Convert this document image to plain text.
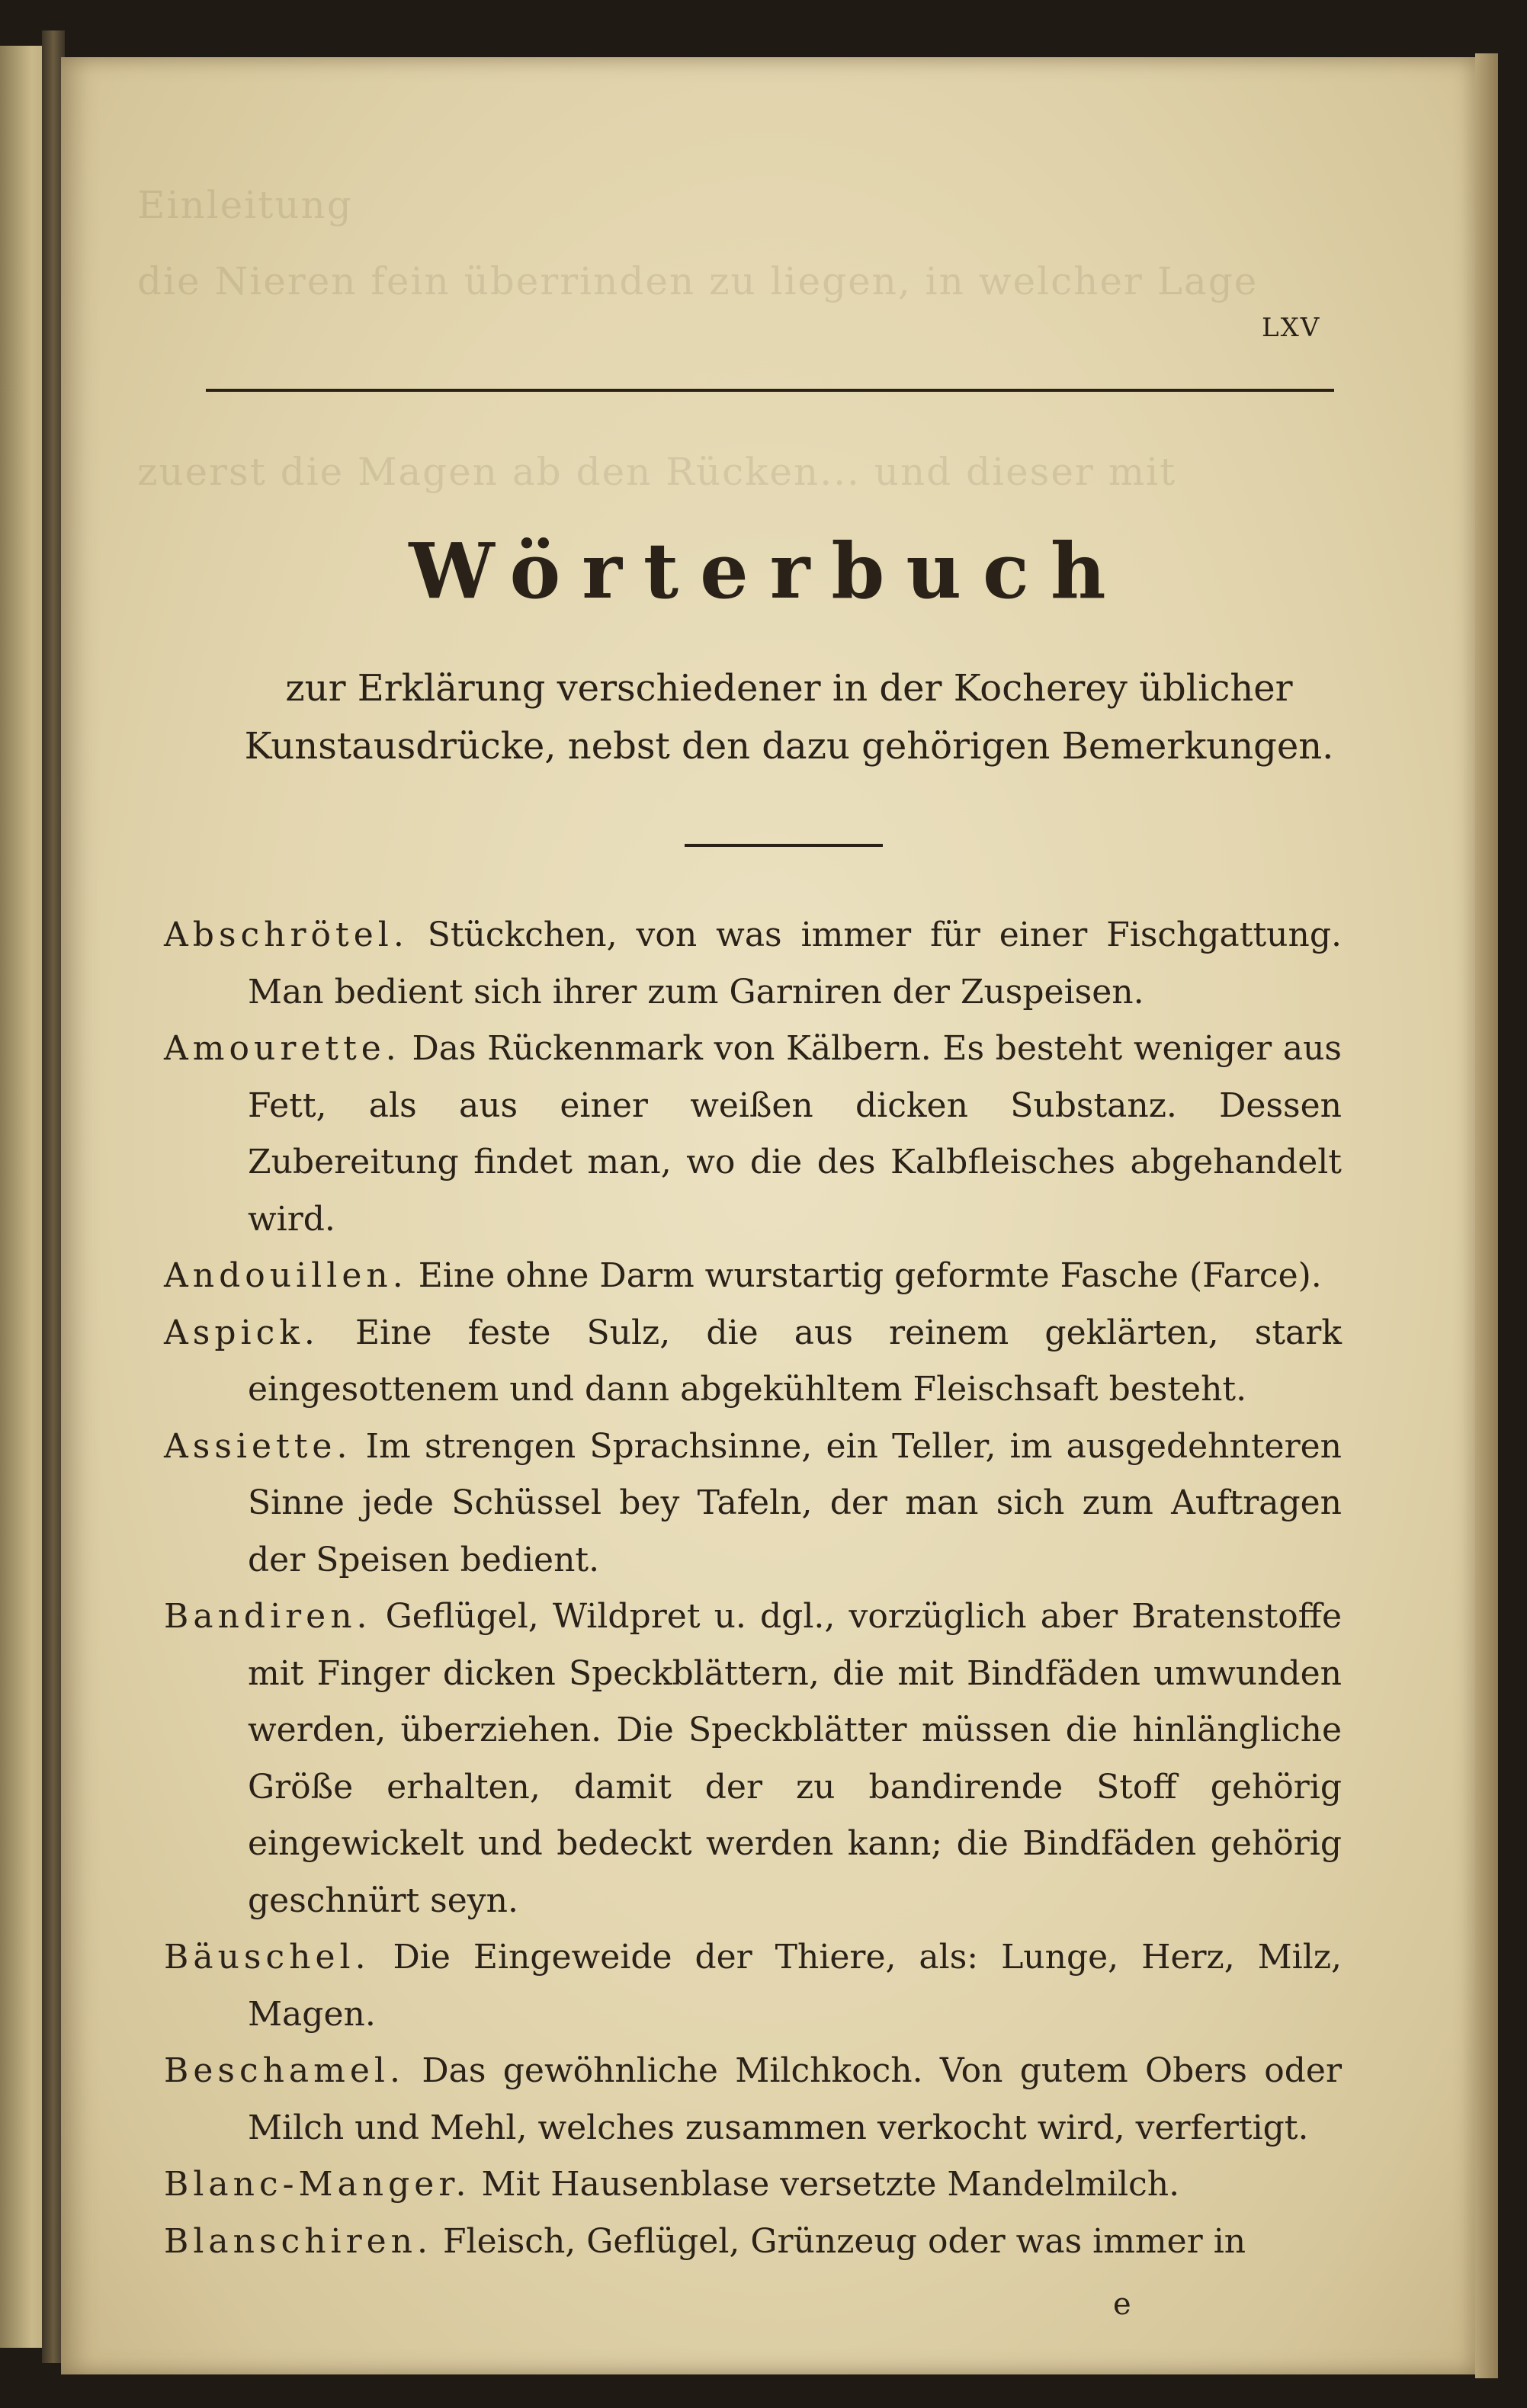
Einleitung
die Nieren fein überrinden zu liegen, in welcher Lage
zuerst die Magen ab den Rücken... und dieser mit
LXV
Wörterbuch
zur Erklärung verschiedener in der Kocherey üblicher Kunstausdrücke, nebst den dazu gehörigen Bemerkungen.

Abschrötel. Stückchen, von was immer für einer Fischgattung. Man bedient sich ihrer zum Garniren der Zuspeisen.

Amourette. Das Rückenmark von Kälbern. Es besteht weniger aus Fett, als aus einer weißen dicken Substanz. Dessen Zubereitung findet man, wo die des Kalbfleisches abgehandelt wird.

Andouillen. Eine ohne Darm wurstartig geformte Fasche (Farce).

Aspick. Eine feste Sulz, die aus reinem geklärten, stark eingesottenem und dann abgekühltem Fleischsaft besteht.

Assiette. Im strengen Sprachsinne, ein Teller, im ausgedehnteren Sinne jede Schüssel bey Tafeln, der man sich zum Auftragen der Speisen bedient.

Bandiren. Geflügel, Wildpret u. dgl., vorzüglich aber Bratenstoffe mit Finger dicken Speckblättern, die mit Bindfäden umwunden werden, überziehen. Die Speckblätter müssen die hinlängliche Größe erhalten, damit der zu bandirende Stoff gehörig eingewickelt und bedeckt werden kann; die Bindfäden gehörig geschnürt seyn.

Bäuschel. Die Eingeweide der Thiere, als: Lunge, Herz, Milz, Magen.

Beschamel. Das gewöhnliche Milchkoch. Von gutem Obers oder Milch und Mehl, welches zusammen verkocht wird, verfertigt.

Blanc-Manger. Mit Hausenblase versetzte Mandelmilch.

Blanschiren. Fleisch, Geflügel, Grünzeug oder was immer in

e
